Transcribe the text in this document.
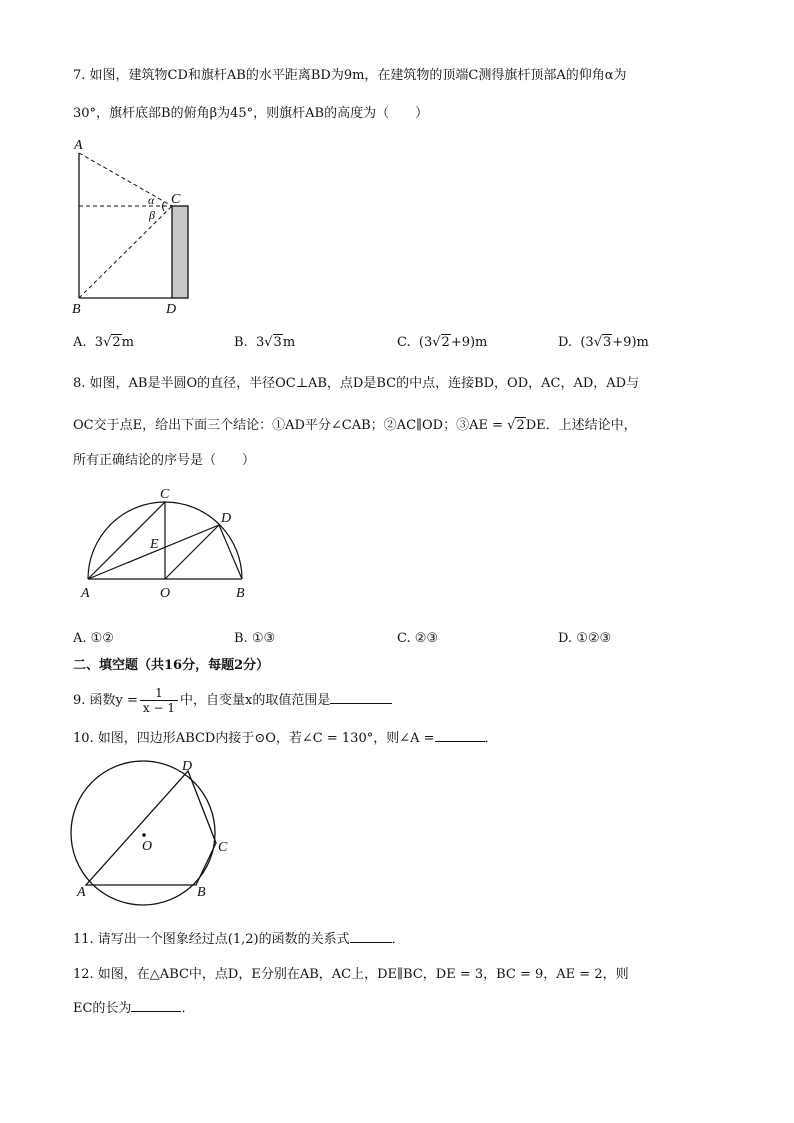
7. 如图，建筑物CD和旗杆AB的水平距离BD为9m，在建筑物的顶端C测得旗杆顶部A的仰角α为
30°，旗杆底部B的俯角β为45°，则旗杆AB的高度为（　　）
A
B
C
D
α
β
A. 3√2m	B. 3√3m	C. (3√2+9)m	D. (3√3+9)m
8. 如图，AB是半圆O的直径，半径OC⊥AB，点D是BC的中点，连接BD，OD，AC，AD，AD与
OC交于点E，给出下面三个结论：①AD平分∠CAB；②AC∥OD；③AE = √2DE．上述结论中，
所有正确结论的序号是（　　）
A	O	B
C
D
E
A. ①②	B. ①③	C. ②③	D. ①②③
二、填空题（共16分，每题2分）
9. 函数$y = \frac{1}{x - 1}$ 中，自变量x的取值范围是
10. 如图，四边形ABCD内接于⊙O，若∠C = 130°，则∠A =	．
O
A	B
C
D
11. 请写出一个图象经过点(1,2)的函数的关系式	．
12. 如图，在△ABC中，点D，E分别在AB，AC上，DE∥BC，DE = 3，BC = 9，AE = 2，则
EC的长为	．
